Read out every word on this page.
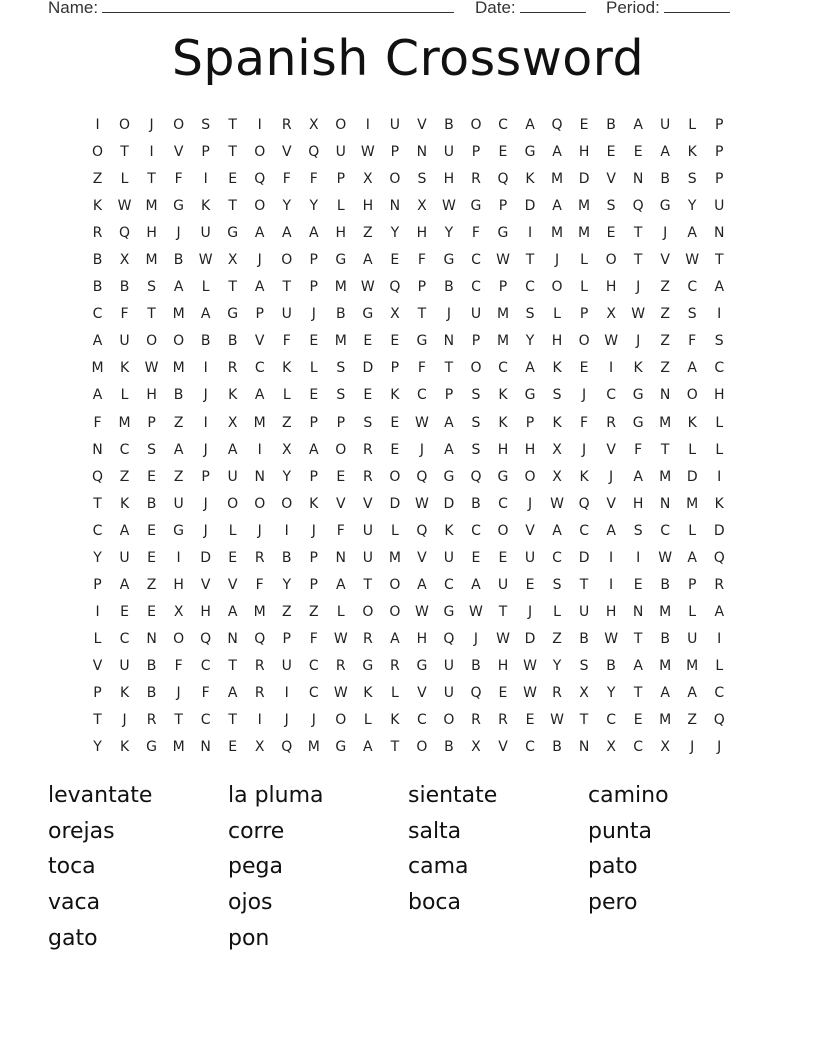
Name:	Date:	Period:
Spanish Crossword
I	O	J	O	S	T	I	R	X	O	I	U	V	B	O	C	A	Q	E	B	A	U	L	P
O	T	I	V	P	T	O	V	Q	U	W	P	N	U	P	E	G	A	H	E	E	A	K	P
Z	L	T	F	I	E	Q	F	F	P	X	O	S	H	R	Q	K	M	D	V	N	B	S	P
K	W	M	G	K	T	O	Y	Y	L	H	N	X	W	G	P	D	A	M	S	Q	G	Y	U
R	Q	H	J	U	G	A	A	A	H	Z	Y	H	Y	F	G	I	M	M	E	T	J	A	N
B	X	M	B	W	X	J	O	P	G	A	E	F	G	C	W	T	J	L	O	T	V	W	T
B	B	S	A	L	T	A	T	P	M	W	Q	P	B	C	P	C	O	L	H	J	Z	C	A
C	F	T	M	A	G	P	U	J	B	G	X	T	J	U	M	S	L	P	X	W	Z	S	I
A	U	O	O	B	B	V	F	E	M	E	E	G	N	P	M	Y	H	O	W	J	Z	F	S
M	K	W	M	I	R	C	K	L	S	D	P	F	T	O	C	A	K	E	I	K	Z	A	C
A	L	H	B	J	K	A	L	E	S	E	K	C	P	S	K	G	S	J	C	G	N	O	H
F	M	P	Z	I	X	M	Z	P	P	S	E	W	A	S	K	P	K	F	R	G	M	K	L
N	C	S	A	J	A	I	X	A	O	R	E	J	A	S	H	H	X	J	V	F	T	L	L
Q	Z	E	Z	P	U	N	Y	P	E	R	O	Q	G	Q	G	O	X	K	J	A	M	D	I
T	K	B	U	J	O	O	O	K	V	V	D	W	D	B	C	J	W	Q	V	H	N	M	K
C	A	E	G	J	L	J	I	J	F	U	L	Q	K	C	O	V	A	C	A	S	C	L	D
Y	U	E	I	D	E	R	B	P	N	U	M	V	U	E	E	U	C	D	I	I	W	A	Q
P	A	Z	H	V	V	F	Y	P	A	T	O	A	C	A	U	E	S	T	I	E	B	P	R
I	E	E	X	H	A	M	Z	Z	L	O	O	W	G	W	T	J	L	U	H	N	M	L	A
L	C	N	O	Q	N	Q	P	F	W	R	A	H	Q	J	W	D	Z	B	W	T	B	U	I
V	U	B	F	C	T	R	U	C	R	G	R	G	U	B	H	W	Y	S	B	A	M	M	L
P	K	B	J	F	A	R	I	C	W	K	L	V	U	Q	E	W	R	X	Y	T	A	A	C
T	J	R	T	C	T	I	J	J	O	L	K	C	O	R	R	E	W	T	C	E	M	Z	Q
Y	K	G	M	N	E	X	Q	M	G	A	T	O	B	X	V	C	B	N	X	C	X	J	J
levantate	la pluma	sientate	camino
orejas	corre	salta	punta
toca	pega	cama	pato
vaca	ojos	boca	pero
gato	pon
